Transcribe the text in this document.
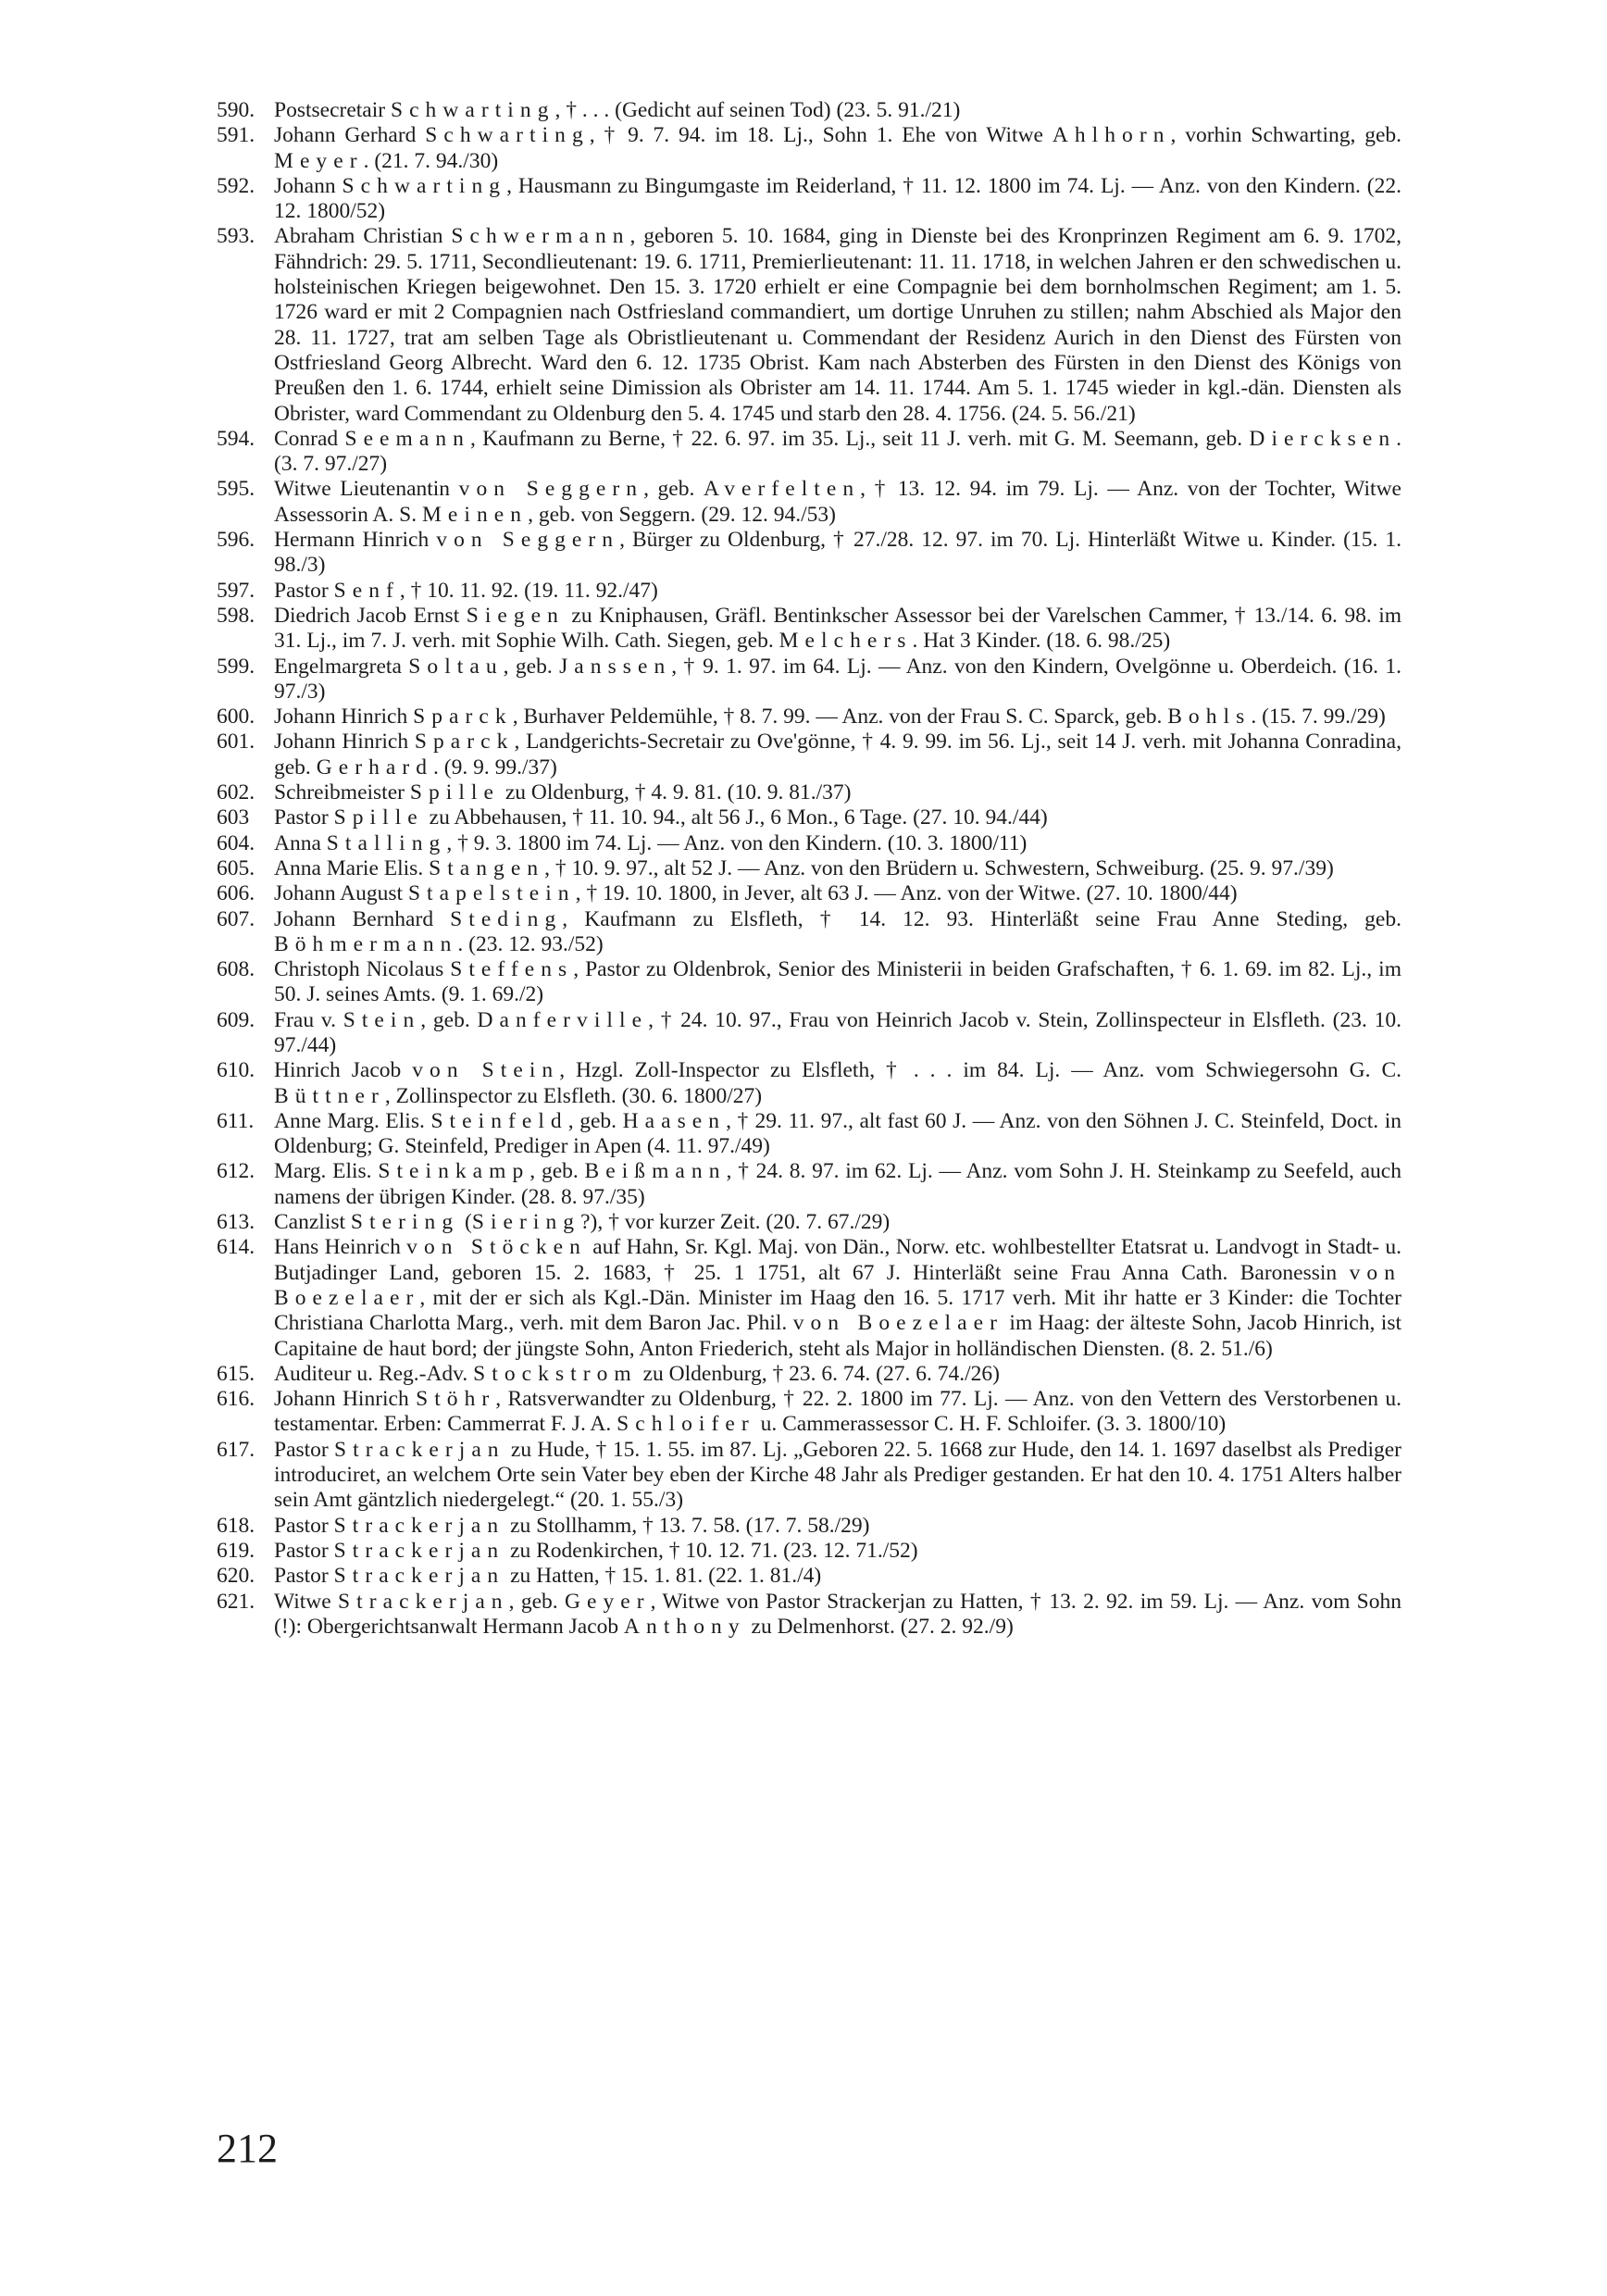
590. Postsecretair Schwarting, † . . . (Gedicht auf seinen Tod) (23. 5. 91./21)
591. Johann Gerhard Schwarting, † 9. 7. 94. im 18. Lj., Sohn 1. Ehe von Witwe Ahlhorn, vorhin Schwarting, geb. Meyer. (21. 7. 94./30)
592. Johann Schwarting, Hausmann zu Bingumgaste im Reiderland, † 11. 12. 1800 im 74. Lj. — Anz. von den Kindern. (22. 12. 1800/52)
593. Abraham Christian Schwermann, geboren 5. 10. 1684, ging in Dienste bei des Kronprinzen Regiment am 6. 9. 1702, Fähndrich: 29. 5. 1711, Secondlieutenant: 19. 6. 1711, Premierlieutenant: 11. 11. 1718, in welchen Jahren er den schwedischen u. holsteinischen Kriegen beigewohnet. Den 15. 3. 1720 erhielt er eine Compagnie bei dem bornholmschen Regiment; am 1. 5. 1726 ward er mit 2 Compagnien nach Ostfriesland commandiert, um dortige Unruhen zu stillen; nahm Abschied als Major den 28. 11. 1727, trat am selben Tage als Obristlieutenant u. Commendant der Residenz Aurich in den Dienst des Fürsten von Ostfriesland Georg Albrecht. Ward den 6. 12. 1735 Obrist. Kam nach Absterben des Fürsten in den Dienst des Königs von Preußen den 1. 6. 1744, erhielt seine Dimission als Obrister am 14. 11. 1744. Am 5. 1. 1745 wieder in kgl.-dän. Diensten als Obrister, ward Commendant zu Oldenburg den 5. 4. 1745 und starb den 28. 4. 1756. (24. 5. 56./21)
594. Conrad Seemann, Kaufmann zu Berne, † 22. 6. 97. im 35. Lj., seit 11 J. verh. mit G. M. Seemann, geb. Diercksen. (3. 7. 97./27)
595. Witwe Lieutenantin von Seggern, geb. Averfelten, † 13. 12. 94. im 79. Lj. — Anz. von der Tochter, Witwe Assessorin A. S. Meinen, geb. von Seggern. (29. 12. 94./53)
596. Hermann Hinrich von Seggern, Bürger zu Oldenburg, † 27./28. 12. 97. im 70. Lj. Hinterläßt Witwe u. Kinder. (15. 1. 98./3)
597. Pastor Senf, † 10. 11. 92. (19. 11. 92./47)
598. Diedrich Jacob Ernst Siegen zu Kniphausen, Gräfl. Bentinkscher Assessor bei der Varelschen Cammer, † 13./14. 6. 98. im 31. Lj., im 7. J. verh. mit Sophie Wilh. Cath. Siegen, geb. Melchers. Hat 3 Kinder. (18. 6. 98./25)
599. Engelmargreta Soltau, geb. Janssen, † 9. 1. 97. im 64. Lj. — Anz. von den Kindern, Ovelgönne u. Oberdeich. (16. 1. 97./3)
600. Johann Hinrich Sparck, Burhaver Peldemühle, † 8. 7. 99. — Anz. von der Frau S. C. Sparck, geb. Bohls. (15. 7. 99./29)
601. Johann Hinrich Sparck, Landgerichts-Secretair zu Ove'gönne, † 4. 9. 99. im 56. Lj., seit 14 J. verh. mit Johanna Conradina, geb. Gerhard. (9. 9. 99./37)
602. Schreibmeister Spille zu Oldenburg, † 4. 9. 81. (10. 9. 81./37)
603	Pastor Spille zu Abbehausen, † 11. 10. 94., alt 56 J., 6 Mon., 6 Tage. (27. 10. 94./44)
604. Anna Stalling, † 9. 3. 1800 im 74. Lj. — Anz. von den Kindern. (10. 3. 1800/11)
605. Anna Marie Elis. Stangen, † 10. 9. 97., alt 52 J. — Anz. von den Brüdern u. Schwestern, Schweiburg. (25. 9. 97./39)
606. Johann August Stapelstein, † 19. 10. 1800, in Jever, alt 63 J. — Anz. von der Witwe. (27. 10. 1800/44)
607. Johann Bernhard Steding, Kaufmann zu Elsfleth, † 14. 12. 93. Hinterläßt seine Frau Anne Steding, geb. Böhmermann. (23. 12. 93./52)
608. Christoph Nicolaus Steffens, Pastor zu Oldenbrok, Senior des Ministerii in beiden Grafschaften, † 6. 1. 69. im 82. Lj., im 50. J. seines Amts. (9. 1. 69./2)
609. Frau v. Stein, geb. Danferville, † 24. 10. 97., Frau von Heinrich Jacob v. Stein, Zollinspecteur in Elsfleth. (23. 10. 97./44)
610. Hinrich Jacob von Stein, Hzgl. Zoll-Inspector zu Elsfleth, † . . . im 84. Lj. — Anz. vom Schwiegersohn G. C. Büttner, Zollinspector zu Elsfleth. (30. 6. 1800/27)
611. Anne Marg. Elis. Steinfeld, geb. Haasen, † 29. 11. 97., alt fast 60 J. — Anz. von den Söhnen J. C. Steinfeld, Doct. in Oldenburg; G. Steinfeld, Prediger in Apen (4. 11. 97./49)
612. Marg. Elis. Steinkamp, geb. Beißmann, † 24. 8. 97. im 62. Lj. — Anz. vom Sohn J. H. Steinkamp zu Seefeld, auch namens der übrigen Kinder. (28. 8. 97./35)
613. Canzlist Stering (Siering?), † vor kurzer Zeit. (20. 7. 67./29)
614. Hans Heinrich von Stöcken auf Hahn, Sr. Kgl. Maj. von Dän., Norw. etc. wohlbestellter Etatsrat u. Landvogt in Stadt- u. Butjadinger Land, geboren 15. 2. 1683, † 25. 1 1751, alt 67 J. Hinterläßt seine Frau Anna Cath. Baronessin von Boezelaer, mit der er sich als Kgl.-Dän. Minister im Haag den 16. 5. 1717 verh. Mit ihr hatte er 3 Kinder: die Tochter Christiana Charlotta Marg., verh. mit dem Baron Jac. Phil. von Boezelaer im Haag: der älteste Sohn, Jacob Hinrich, ist Capitaine de haut bord; der jüngste Sohn, Anton Friederich, steht als Major in holländischen Diensten. (8. 2. 51./6)
615. Auditeur u. Reg.-Adv. Stockstrom zu Oldenburg, † 23. 6. 74. (27. 6. 74./26)
616. Johann Hinrich Stöhr, Ratsverwandter zu Oldenburg, † 22. 2. 1800 im 77. Lj. — Anz. von den Vettern des Verstorbenen u. testamentar. Erben: Cammerrat F. J. A. Schloifer u. Cammerassessor C. H. F. Schloifer. (3. 3. 1800/10)
617. Pastor Strackerjan zu Hude, † 15. 1. 55. im 87. Lj. „Geboren 22. 5. 1668 zur Hude, den 14. 1. 1697 daselbst als Prediger introduciret, an welchem Orte sein Vater bey eben der Kirche 48 Jahr als Prediger gestanden. Er hat den 10. 4. 1751 Alters halber sein Amt gäntzlich niedergelegt.“ (20. 1. 55./3)
618. Pastor Strackerjan zu Stollhamm, † 13. 7. 58. (17. 7. 58./29)
619. Pastor Strackerjan zu Rodenkirchen, † 10. 12. 71. (23. 12. 71./52)
620. Pastor Strackerjan zu Hatten, † 15. 1. 81. (22. 1. 81./4)
621. Witwe Strackerjan, geb. Geyer, Witwe von Pastor Strackerjan zu Hatten, † 13. 2. 92. im 59. Lj. — Anz. vom Sohn (!): Obergerichtsanwalt Hermann Jacob Anthony zu Delmenhorst. (27. 2. 92./9)
212
